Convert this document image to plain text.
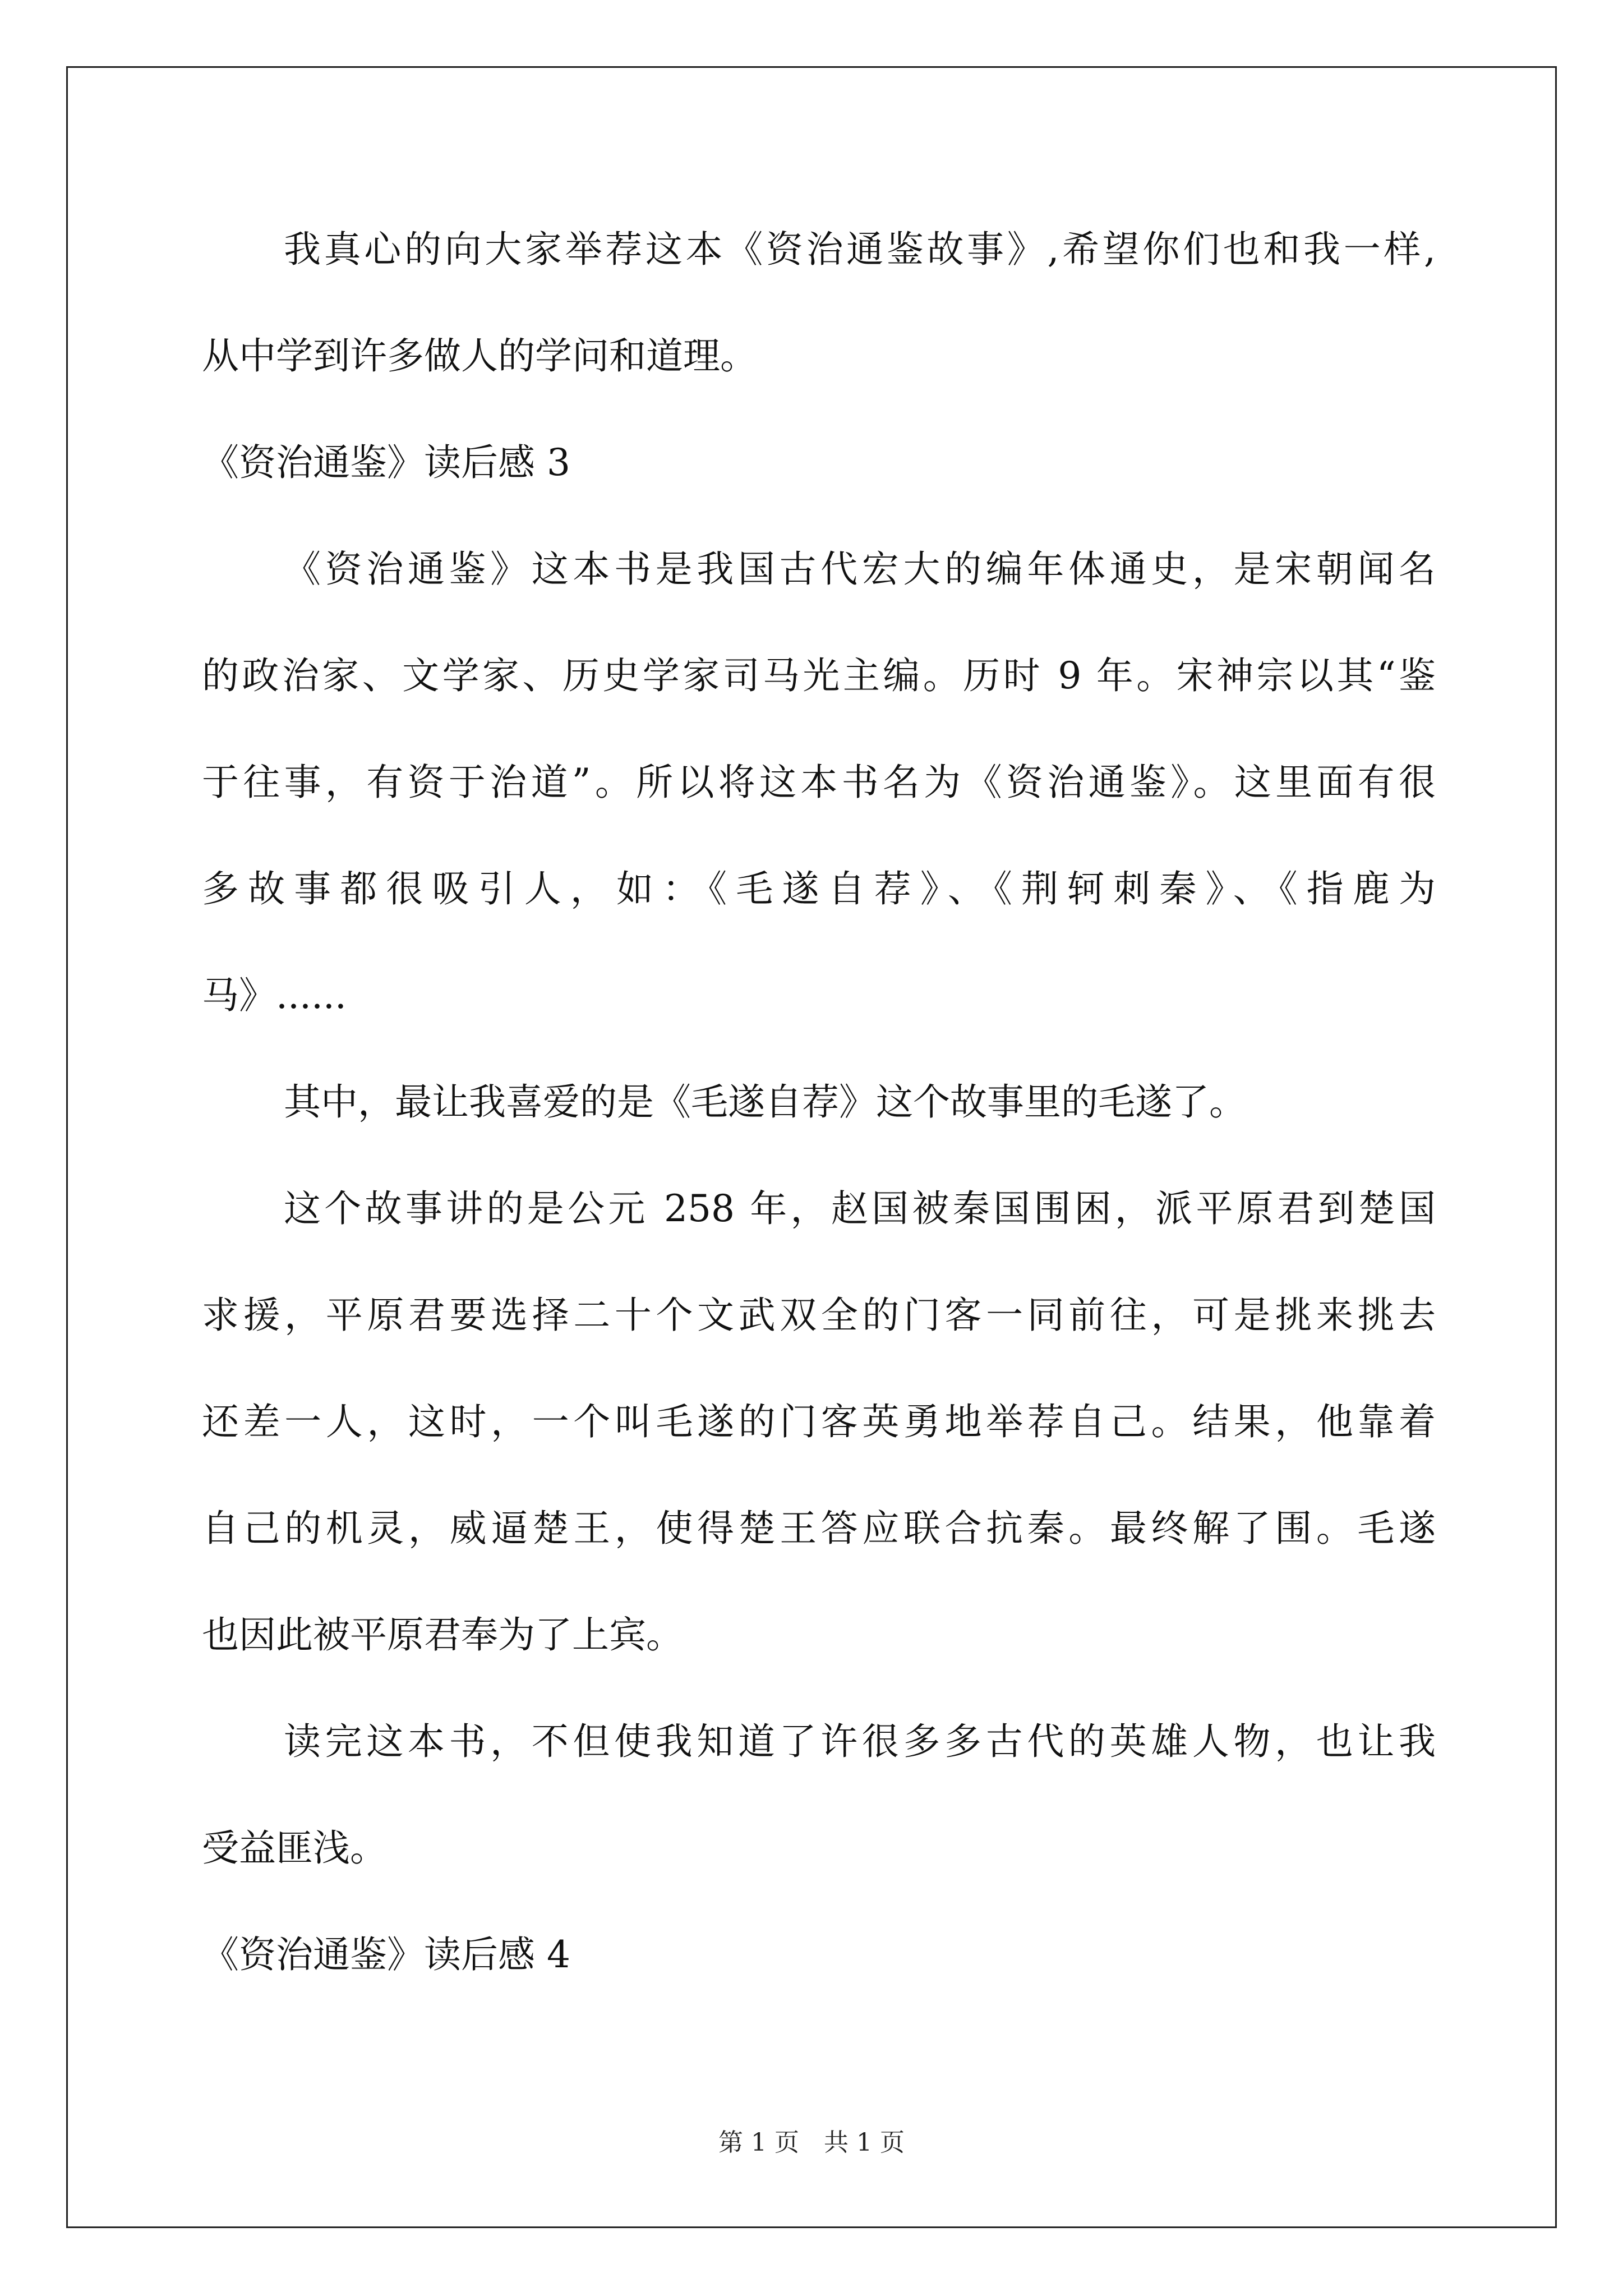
我真心的向大家举荐这本《资治通鉴故事》,希望你们也和我一样,
从中学到许多做人的学问和道理。
《资治通鉴》读后感 3
《资治通鉴》这本书是我国古代宏大的编年体通史，是宋朝闻名
的政治家、文学家、历史学家司马光主编。历时 9 年。宋神宗以其“鉴
于往事，有资于治道”。所以将这本书名为《资治通鉴》。这里面有很
多故事都很吸引人，如：《毛遂自荐》、《荆轲刺秦》、《指鹿为
马》......
其中，最让我喜爱的是《毛遂自荐》这个故事里的毛遂了。
这个故事讲的是公元 258 年，赵国被秦国围困，派平原君到楚国
求援，平原君要选择二十个文武双全的门客一同前往，可是挑来挑去
还差一人，这时，一个叫毛遂的门客英勇地举荐自己。结果，他靠着
自己的机灵，威逼楚王，使得楚王答应联合抗秦。最终解了围。毛遂
也因此被平原君奉为了上宾。
读完这本书，不但使我知道了许很多多古代的英雄人物，也让我
受益匪浅。
《资治通鉴》读后感 4
第 1 页　共 1 页
